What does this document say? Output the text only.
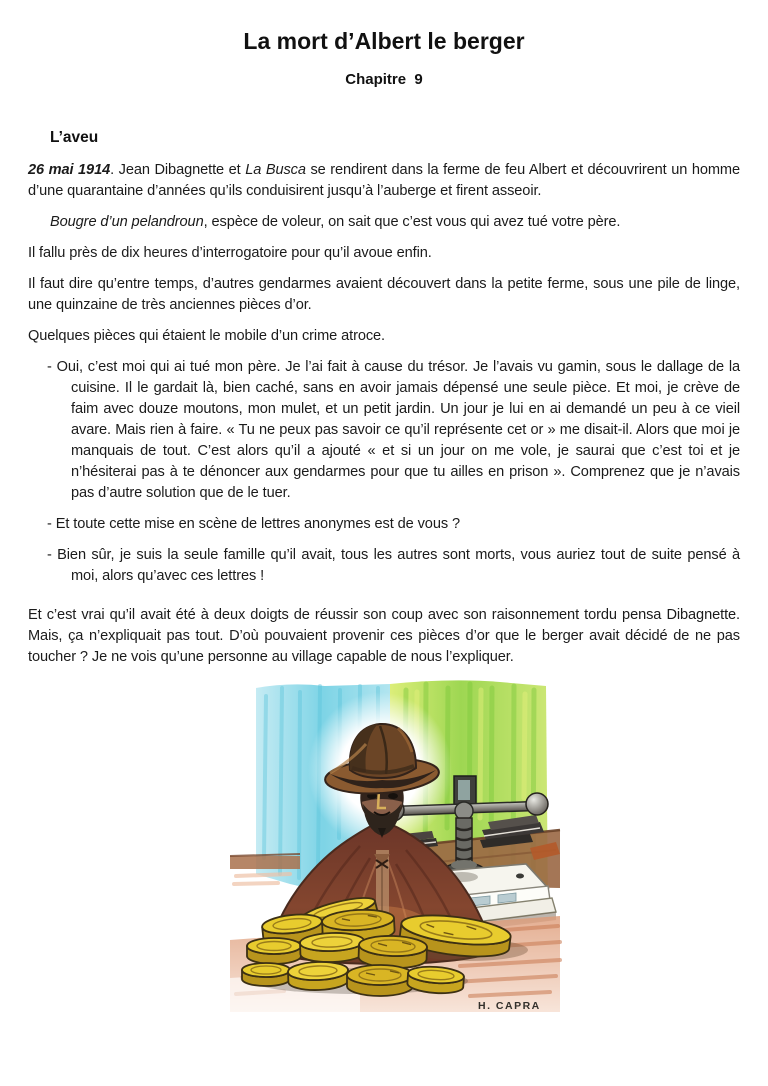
La mort d’Albert le berger
Chapitre  9
L’aveu

26 mai 1914. Jean Dibagnette et La Busca se rendirent dans la ferme de feu Albert et découvrirent un homme d’une quarantaine d’années qu’ils conduisirent jusqu’à l’auberge et firent asseoir.

Bougre d’un pelandroun, espèce de voleur, on sait que c’est vous qui avez tué votre père.

Il fallu près de dix heures d’interrogatoire pour qu’il avoue enfin.

Il faut dire qu’entre temps, d’autres gendarmes avaient découvert dans la petite ferme, sous une pile de linge, une quinzaine de très anciennes pièces d’or.

Quelques pièces qui étaient le mobile d’un crime atroce.

- Oui, c’est moi qui ai tué mon père. Je l’ai fait à cause du trésor. Je l’avais vu gamin, sous le dallage de la cuisine. Il le gardait là, bien caché, sans en avoir jamais dépensé une seule pièce. Et moi, je crève de faim avec douze moutons, mon mulet, et un petit jardin. Un jour je lui en ai demandé un peu à ce vieil avare. Mais rien à faire. « Tu ne peux pas savoir ce qu’il représente cet or » me disait-il. Alors que moi je manquais de tout. C’est alors qu’il a ajouté « et si un jour on me vole, je saurai que c’est toi et je n’hésiterai pas à te dénoncer aux gendarmes pour que tu ailles en prison ». Comprenez que je n’avais pas d’autre solution que de le tuer.

- Et toute cette mise en scène de lettres anonymes est de vous ?

- Bien sûr, je suis la seule famille qu’il avait, tous les autres sont morts, vous auriez tout de suite pensé à moi, alors qu’avec ces lettres !

Et c’est vrai qu’il avait été à deux doigts de réussir son coup avec son raisonnement tordu pensa Dibagnette. Mais, ça n’expliquait pas tout. D’où pouvaient provenir ces pièces d’or que le berger avait décidé de ne pas toucher ? Je ne vois qu’une personne au village capable de nous l’expliquer.

H. CAPRA
